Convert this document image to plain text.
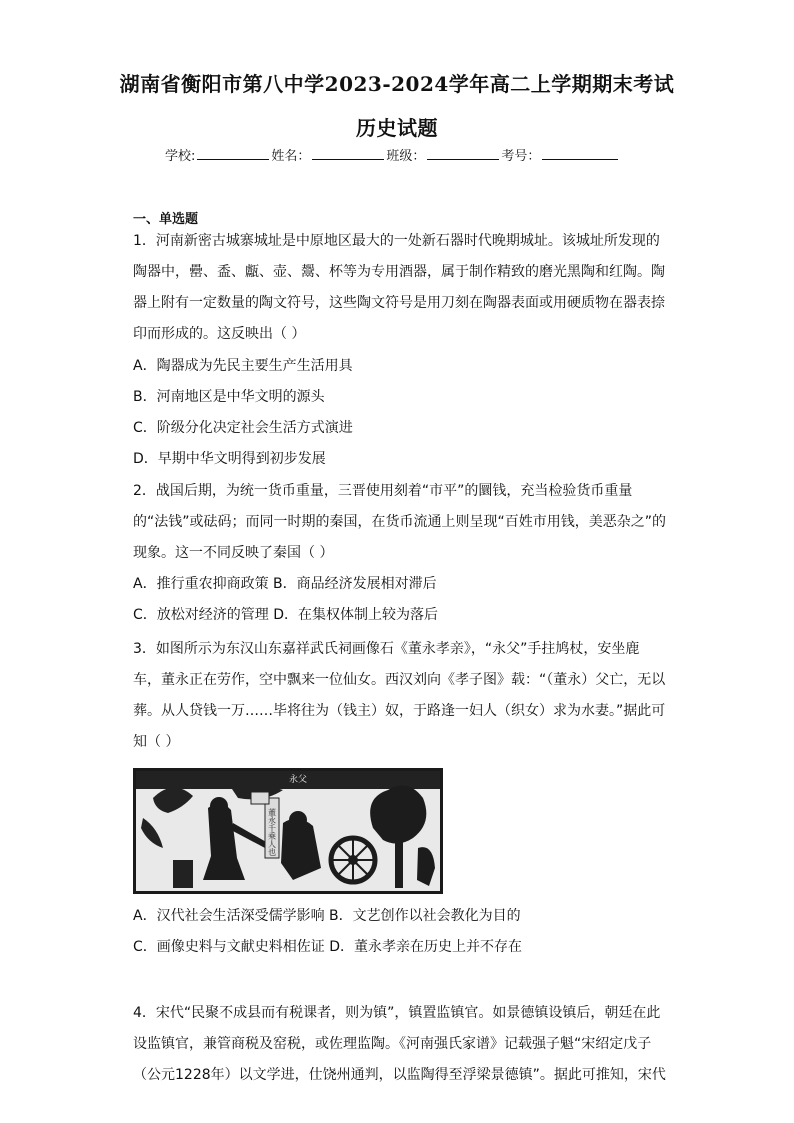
湖南省衡阳市第八中学2023-2024学年高二上学期期末考试
历史试题
学校:	姓名：	班级：	考号：
一、单选题

1．河南新密古城寨城址是中原地区最大的一处新石器时代晚期城址。该城址所发现的陶器中，罍、盉、甗、壶、鬶、杯等为专用酒器，属于制作精致的磨光黑陶和红陶。陶器上附有一定数量的陶文符号，这些陶文符号是用刀刻在陶器表面或用硬质物在器表捺印而形成的。这反映出（ ）

A．陶器成为先民主要生产生活用具
B．河南地区是中华文明的源头
C．阶级分化决定社会生活方式演进
D．早期中华文明得到初步发展

2．战国后期，为统一货币重量，三晋使用刻着“市平”的圜钱，充当检验货币重量的“法钱”或砝码；而同一时期的秦国，在货币流通上则呈现“百姓市用钱，美恶杂之”的现象。这一不同反映了秦国（ ）

A．推行重农抑商政策 B．商品经济发展相对滞后
C．放松对经济的管理 D．在集权体制上较为落后

3．如图所示为东汉山东嘉祥武氏祠画像石《董永孝亲》，“永父”手拄鸠杖，安坐鹿车，董永正在劳作，空中飘来一位仙女。西汉刘向《孝子图》载：“（董永）父亡，无以葬。从人贷钱一万……毕将往为（钱主）奴，于路逢一妇人（织女）求为水妻。”据此可知（ ）

永父
董永千乘人也
A．汉代社会生活深受儒学影响 B．文艺创作以社会教化为目的
C．画像史料与文献史料相佐证 D．董永孝亲在历史上并不存在

4．宋代“民聚不成县而有税课者，则为镇”，镇置监镇官。如景德镇设镇后，朝廷在此设监镇官，兼管商税及窑税，或佐理监陶。《河南强氏家谱》记载强子魁“宋绍定戊子（公元1228年）以文学进，仕饶州通判，以监陶得至浮梁景德镇”。据此可推知，宋代
